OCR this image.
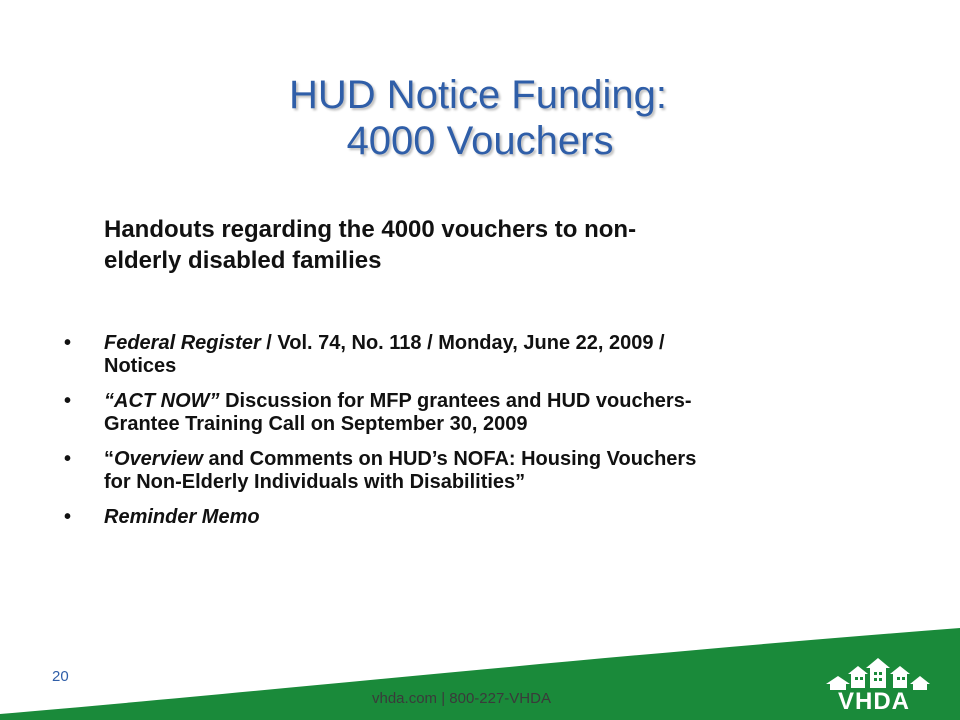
HUD Notice Funding:
4000 Vouchers
Handouts regarding the 4000 vouchers to non-
elderly disabled families
•	Federal Register / Vol. 74, No. 118 / Monday, June 22, 2009 /
Notices
•	“ACT NOW” Discussion for MFP grantees and HUD vouchers-
Grantee Training Call on September 30, 2009
•	“Overview and Comments on HUD’s NOFA: Housing Vouchers
for Non-Elderly Individuals with Disabilities”
•	Reminder Memo
20
vhda.com | 800-227-VHDA	VHDA
